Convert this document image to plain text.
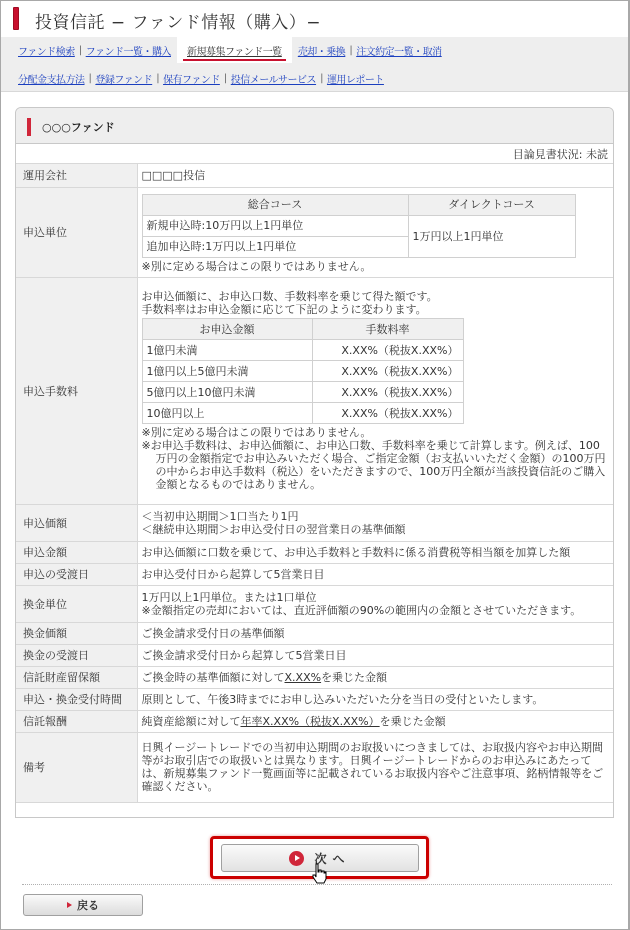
投資信託 − ファンド情報（購入）−
ファンド検索 | ファンド一覧・購入	新規募集ファンド一覧	売却・乗換 | 注文約定一覧・取消
分配金支払方法 | 登録ファンド | 保有ファンド | 投信メールサービス | 運用レポート
○○○ファンド
目論見書状況: 未読
運用会社	□□□□投信
申込単位	
総合コース	ダイレクトコース
新規申込時:10万円以上1円単位	1万円以上1円単位
追加申込時:1万円以上1円単位
※別に定める場合はこの限りではありません。

申込手数料	
お申込価額に、お申込口数、手数料率を乗じて得た額です。
手数料率はお申込金額に応じて下記のように変わります。
お申込金額	手数料率
1億円未満	X.XX%（税抜X.XX%）
1億円以上5億円未満	X.XX%（税抜X.XX%）
5億円以上10億円未満	X.XX%（税抜X.XX%）
10億円以上	X.XX%（税抜X.XX%）
※別に定める場合はこの限りではありません。
※お申込手数料は、お申込価額に、お申込口数、手数料率を乗じて計算します。例えば、100万円の金額指定でお申込みいただく場合、ご指定金額（お支払いいただく金額）の100万円の中からお申込手数料（税込）をいただきますので、100万円全額が当該投資信託のご購入金額となるものではありません。

申込価額	
＜当初申込期間＞1口当たり1円
＜継続申込期間＞お申込受付日の翌営業日の基準価額

申込金額	お申込価額に口数を乗じて、お申込手数料と手数料に係る消費税等相当額を加算した額
申込の受渡日	お申込受付日から起算して5営業日目
換金単位	
1万円以上1円単位。または1口単位
※金額指定の売却においては、直近評価額の90%の範囲内の金額とさせていただきます。

換金価額	ご換金請求受付日の基準価額
換金の受渡日	ご換金請求受付日から起算して5営業日目
信託財産留保額	ご換金時の基準価額に対してX.XX%を乗じた金額
申込・換金受付時間	原則として、午後3時までにお申し込みいただいた分を当日の受付といたします。
信託報酬	純資産総額に対して年率X.XX%（税抜X.XX%）を乗じた金額
備考	日興イージートレードでの当初申込期間のお取扱いにつきましては、お取扱内容やお申込期間等がお取引店での取扱いとは異なります。日興イージートレードからのお申込みにあたっては、新規募集ファンド一覧画面等に記載されているお取扱内容やご注意事項、銘柄情報等をご確認ください。
次へ
戻る
